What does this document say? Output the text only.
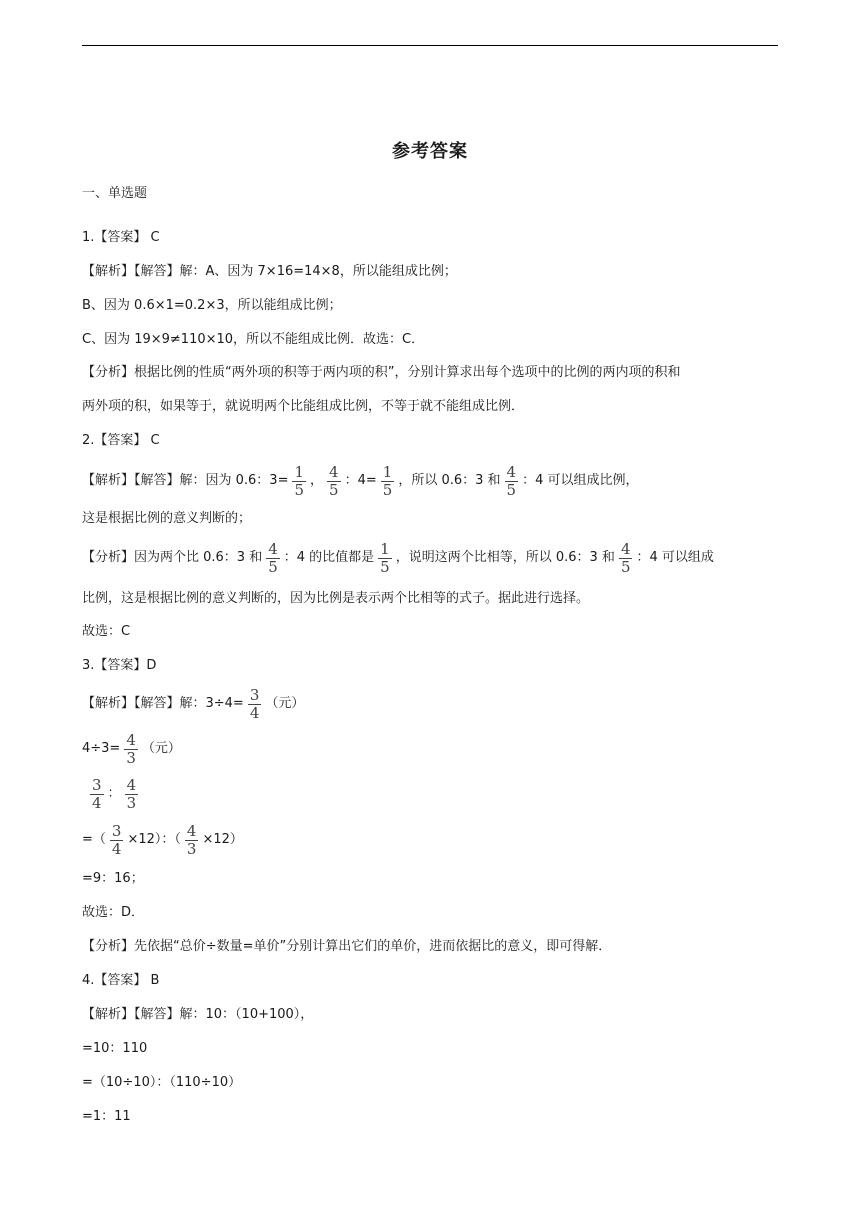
参考答案
一、单选题
1.【答案】 C
【解析】【解答】解：A、因为 7×16=14×8，所以能组成比例；
B、因为 0.6×1=0.2×3，所以能组成比例；
C、因为 19×9≠110×10，所以不能组成比例．故选：C．
【分析】根据比例的性质“两外项的积等于两内项的积”，分别计算求出每个选项中的比例的两内项的积和
两外项的积，如果等于，就说明两个比能组成比例，不等于就不能组成比例．
2.【答案】 C
【解析】【解答】解：因为 0.6：$3= \frac{1}{5}$ ， $\frac{4}{5}$ ：$4= \frac{1}{5}$ ，所以 0.6：3 和 $\frac{4}{5}$ ：4 可以组成比例，
这是根据比例的意义判断的；
【分析】因为两个比 0.6：3 和 $\frac{4}{5}$ ：4 的比值都是 $\frac{1}{5}$ ，说明这两个比相等，所以 0.6：3 和 $\frac{4}{5}$ ：4 可以组成
比例，这是根据比例的意义判断的，因为比例是表示两个比相等的式子。据此进行选择。
故选：C
3.【答案】D
【解析】【解答】解：$3\div 4= \frac{3}{4}$ （元）
$4\div 3= \frac{4}{3}$ （元）
$\frac{3}{4}$ ： $\frac{4}{3}$
=（ $\frac{3}{4} \times 12$）：（ $\frac{4}{3} \times 12$）
=9：16；
故选：D．
【分析】先依据“总价÷数量=单价”分别计算出它们的单价，进而依据比的意义，即可得解．
4.【答案】 B
【解析】【解答】解：10：（10+100），
=10：110
=（10÷10）：（110÷10）
=1：11
